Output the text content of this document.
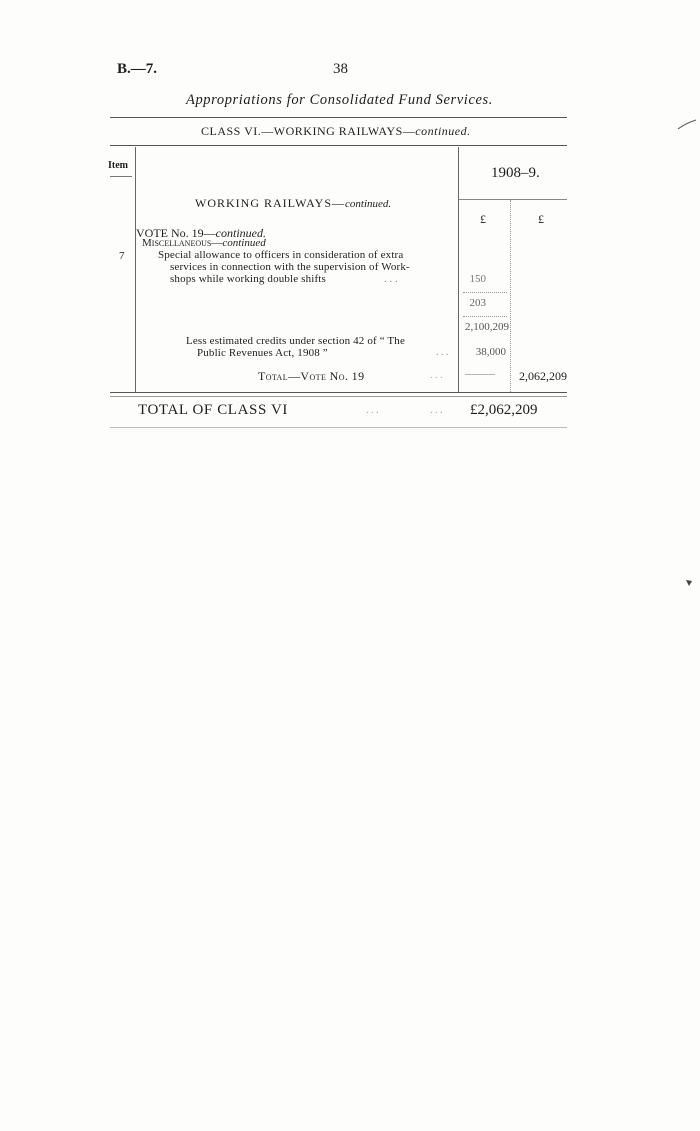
B.—7.	38
Appropriations for Consolidated Fund Services.
CLASS VI.—WORKING RAILWAYS—continued.
Item	1908–9.
£	£
WORKING RAILWAYS—continued.
VOTE No. 19—continued.
Miscellaneous—continued
7	Special allowance to officers in consideration of extra
services in connection with the supervision of Work-
shops while working double shifts	. . .	150
203
2,100,209
Less estimated credits under section 42 of “ The
Public Revenues Act, 1908 ”	. . .	38,000
Total—Vote No. 19	. . . ———	2,062,209
TOTAL OF CLASS VI	. . .	. . . £2,062,209
